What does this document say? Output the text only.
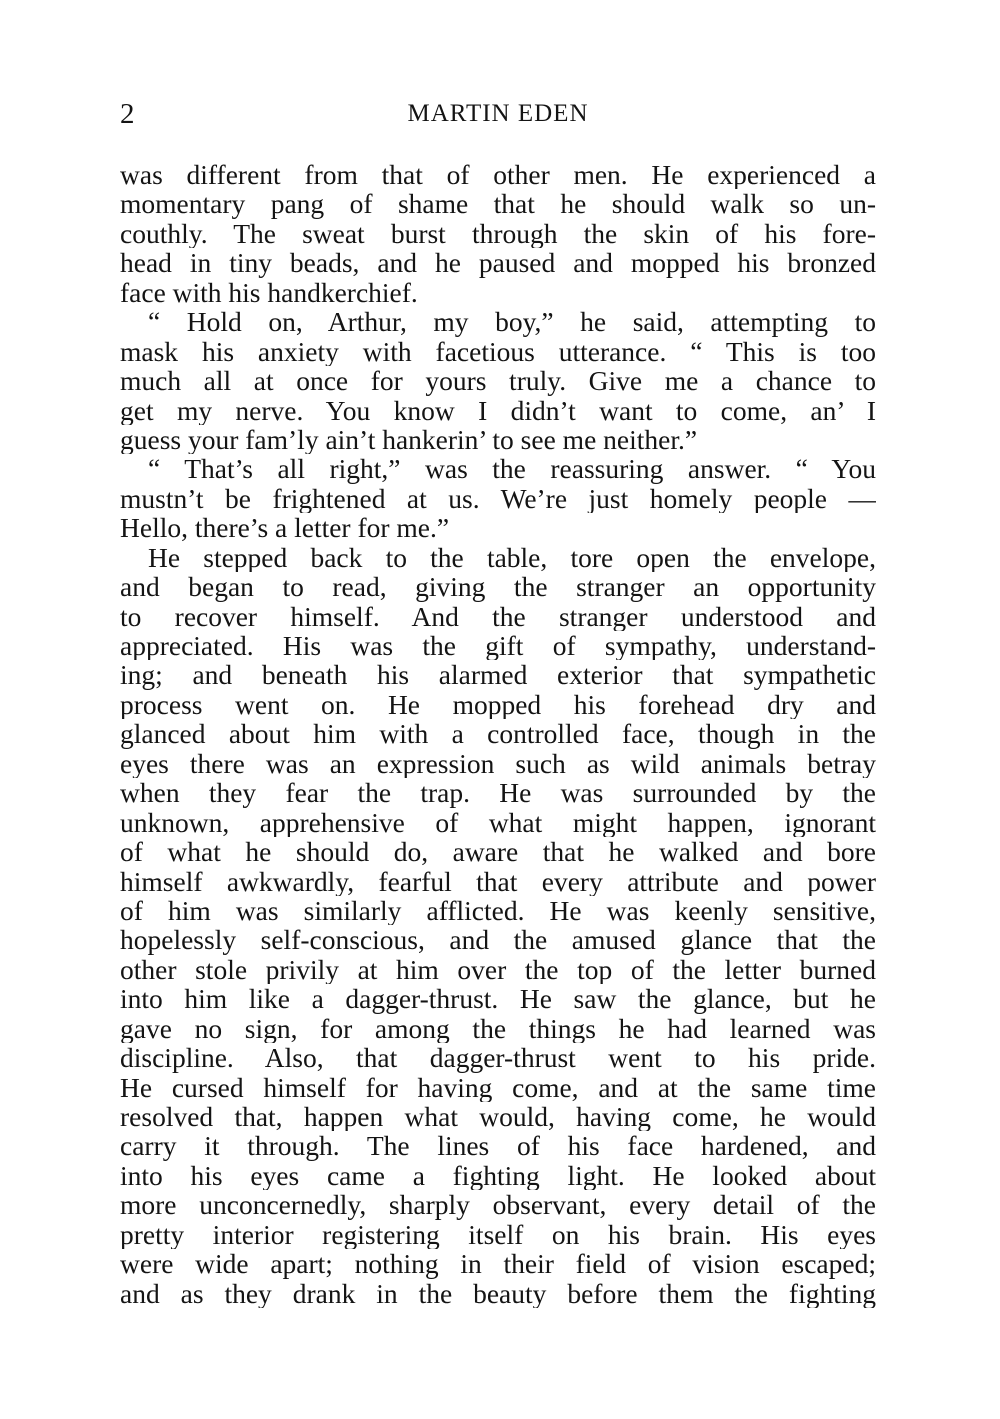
2	MARTIN EDEN
was different from that of other men. He experienced a
momentary pang of shame that he should walk so un-
couthly. The sweat burst through the skin of his fore-
head in tiny beads, and he paused and mopped his bronzed
face with his handkerchief.
“ Hold on, Arthur, my boy,” he said, attempting to
mask his anxiety with facetious utterance. “ This is too
much all at once for yours truly. Give me a chance to
get my nerve. You know I didn’t want to come, an’ I
guess your fam’ly ain’t hankerin’ to see me neither.”
“ That’s all right,” was the reassuring answer. “ You
mustn’t be frightened at us. We’re just homely people —
Hello, there’s a letter for me.”
He stepped back to the table, tore open the envelope,
and began to read, giving the stranger an opportunity
to recover himself. And the stranger understood and
appreciated. His was the gift of sympathy, understand-
ing; and beneath his alarmed exterior that sympathetic
process went on. He mopped his forehead dry and
glanced about him with a controlled face, though in the
eyes there was an expression such as wild animals betray
when they fear the trap. He was surrounded by the
unknown, apprehensive of what might happen, ignorant
of what he should do, aware that he walked and bore
himself awkwardly, fearful that every attribute and power
of him was similarly afflicted. He was keenly sensitive,
hopelessly self-conscious, and the amused glance that the
other stole privily at him over the top of the letter burned
into him like a dagger-thrust. He saw the glance, but he
gave no sign, for among the things he had learned was
discipline. Also, that dagger-thrust went to his pride.
He cursed himself for having come, and at the same time
resolved that, happen what would, having come, he would
carry it through. The lines of his face hardened, and
into his eyes came a fighting light. He looked about
more unconcernedly, sharply observant, every detail of the
pretty interior registering itself on his brain. His eyes
were wide apart; nothing in their field of vision escaped;
and as they drank in the beauty before them the fighting
